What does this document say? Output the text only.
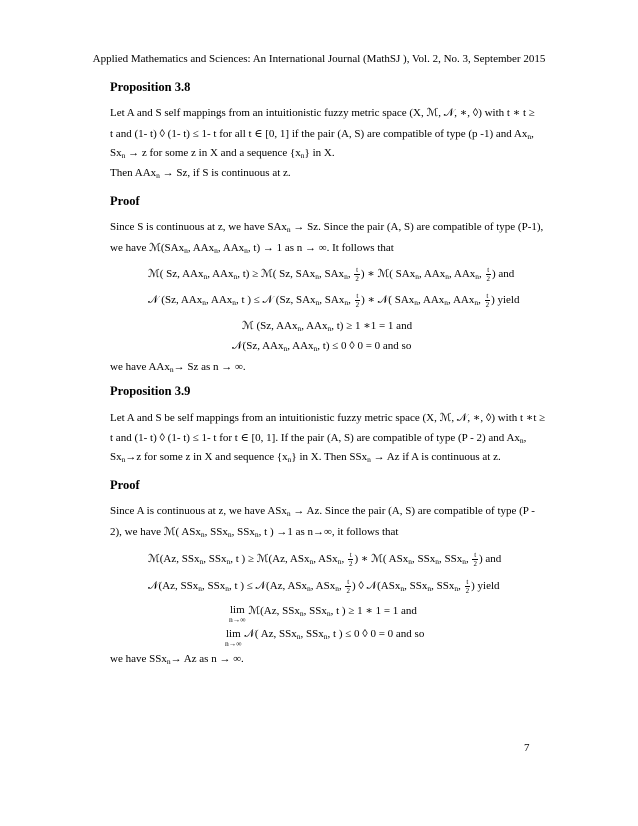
Applied Mathematics and Sciences: An International Journal (MathSJ ), Vol. 2, No. 3, September 2015
Proposition 3.8
Let A and S self mappings from an intuitionistic fuzzy metric space (X, ℳ, 𝒩, ∗, ◊) with t ∗ t ≥
t and (1- t) ◊ (1- t) ≤ 1- t for all t ∈ [0, 1] if the pair (A, S) are compatible of type (p -1) and $Ax_n$,
$Sx_n \to z$ for some z in X and a sequence $\{x_n\}$ in X.
Then AAx$_n$ → Sz, if S is continuous at z.
Proof
Since S is continuous at z, we have SAx$_n$ → Sz. Since the pair (A, S) are compatible of type (P-1),
we have ℳ(SAx$_n$, AAx$_n$, AAx$_n$, t) → 1 as n → ∞. It follows that
ℳ( Sz, AAx$_n$, AAx$_n$, t) ≥ ℳ( Sz, SAx$_n$, SAx$_n$, $\frac{t}{2}$ ) ∗ ℳ( SAx$_n$, AAx$_n$, AAx$_n$, $\frac{t}{2}$ ) and
𝒩 (Sz, AAx$_n$, AAx$_n$, t ) ≤ 𝒩 (Sz, SAx$_n$, SAx$_n$, $\frac{t}{2}$ ) ∗ 𝒩( SAx$_n$, AAx$_n$, AAx$_n$, $\frac{t}{2}$ ) yield
ℳ (Sz, AAx$_n$, AAx$_n$, t) ≥ 1 ∗1 = 1 and
𝒩(Sz, AAx$_n$, AAx$_n$, t) ≤ 0 ◊ 0 = 0 and so
we have AAx$_n$→ Sz as n → ∞.
Proposition 3.9
Let A and S be self mappings from an intuitionistic fuzzy metric space (X, ℳ, 𝒩, ∗, ◊) with t ∗t ≥
t and (1- t) ◊ (1- t) ≤ 1- t for t ∈ [0, 1]. If the pair (A, S) are compatible of type (P - 2) and $Ax_n$,
$Sx_n\to z$ for some z in X and sequence $\{x_n\}$ in X. Then SSx$_n$ → Az if A is continuous at z.
Proof
Since A is continuous at z, we have ASx$_n$ → Az. Since the pair (A, S) are compatible of type (P -
2), we have ℳ( ASx$_n$, SSx$_n$, SSx$_n$, t ) →1 as n→∞, it follows that
ℳ(Az, SSx$_n$, SSx$_n$, t ) ≥ ℳ(Az, ASx$_n$, ASx$_n$, $\frac{t}{2}$ ) ∗ ℳ( ASx$_n$, SSx$_n$, SSx$_n$, $\frac{t}{2}$ ) and
𝒩(Az, SSx$_n$, SSx$_n$, t ) ≤ 𝒩(Az, ASx$_n$, ASx$_n$, $\frac{t}{2}$ ) ◊ 𝒩(ASx$_n$, SSx$_n$, SSx$_n$, $\frac{t}{2}$ ) yield
lim
n→∞
ℳ(Az, SSx$_n$, SSx$_n$, t ) ≥ 1 ∗ 1 = 1 and
lim
n→∞
𝒩( Az, SSx$_n$, SSx$_n$, t ) ≤ 0 ◊ 0 = 0 and so
we have SSx$_n$→ Az as n → ∞.
7
